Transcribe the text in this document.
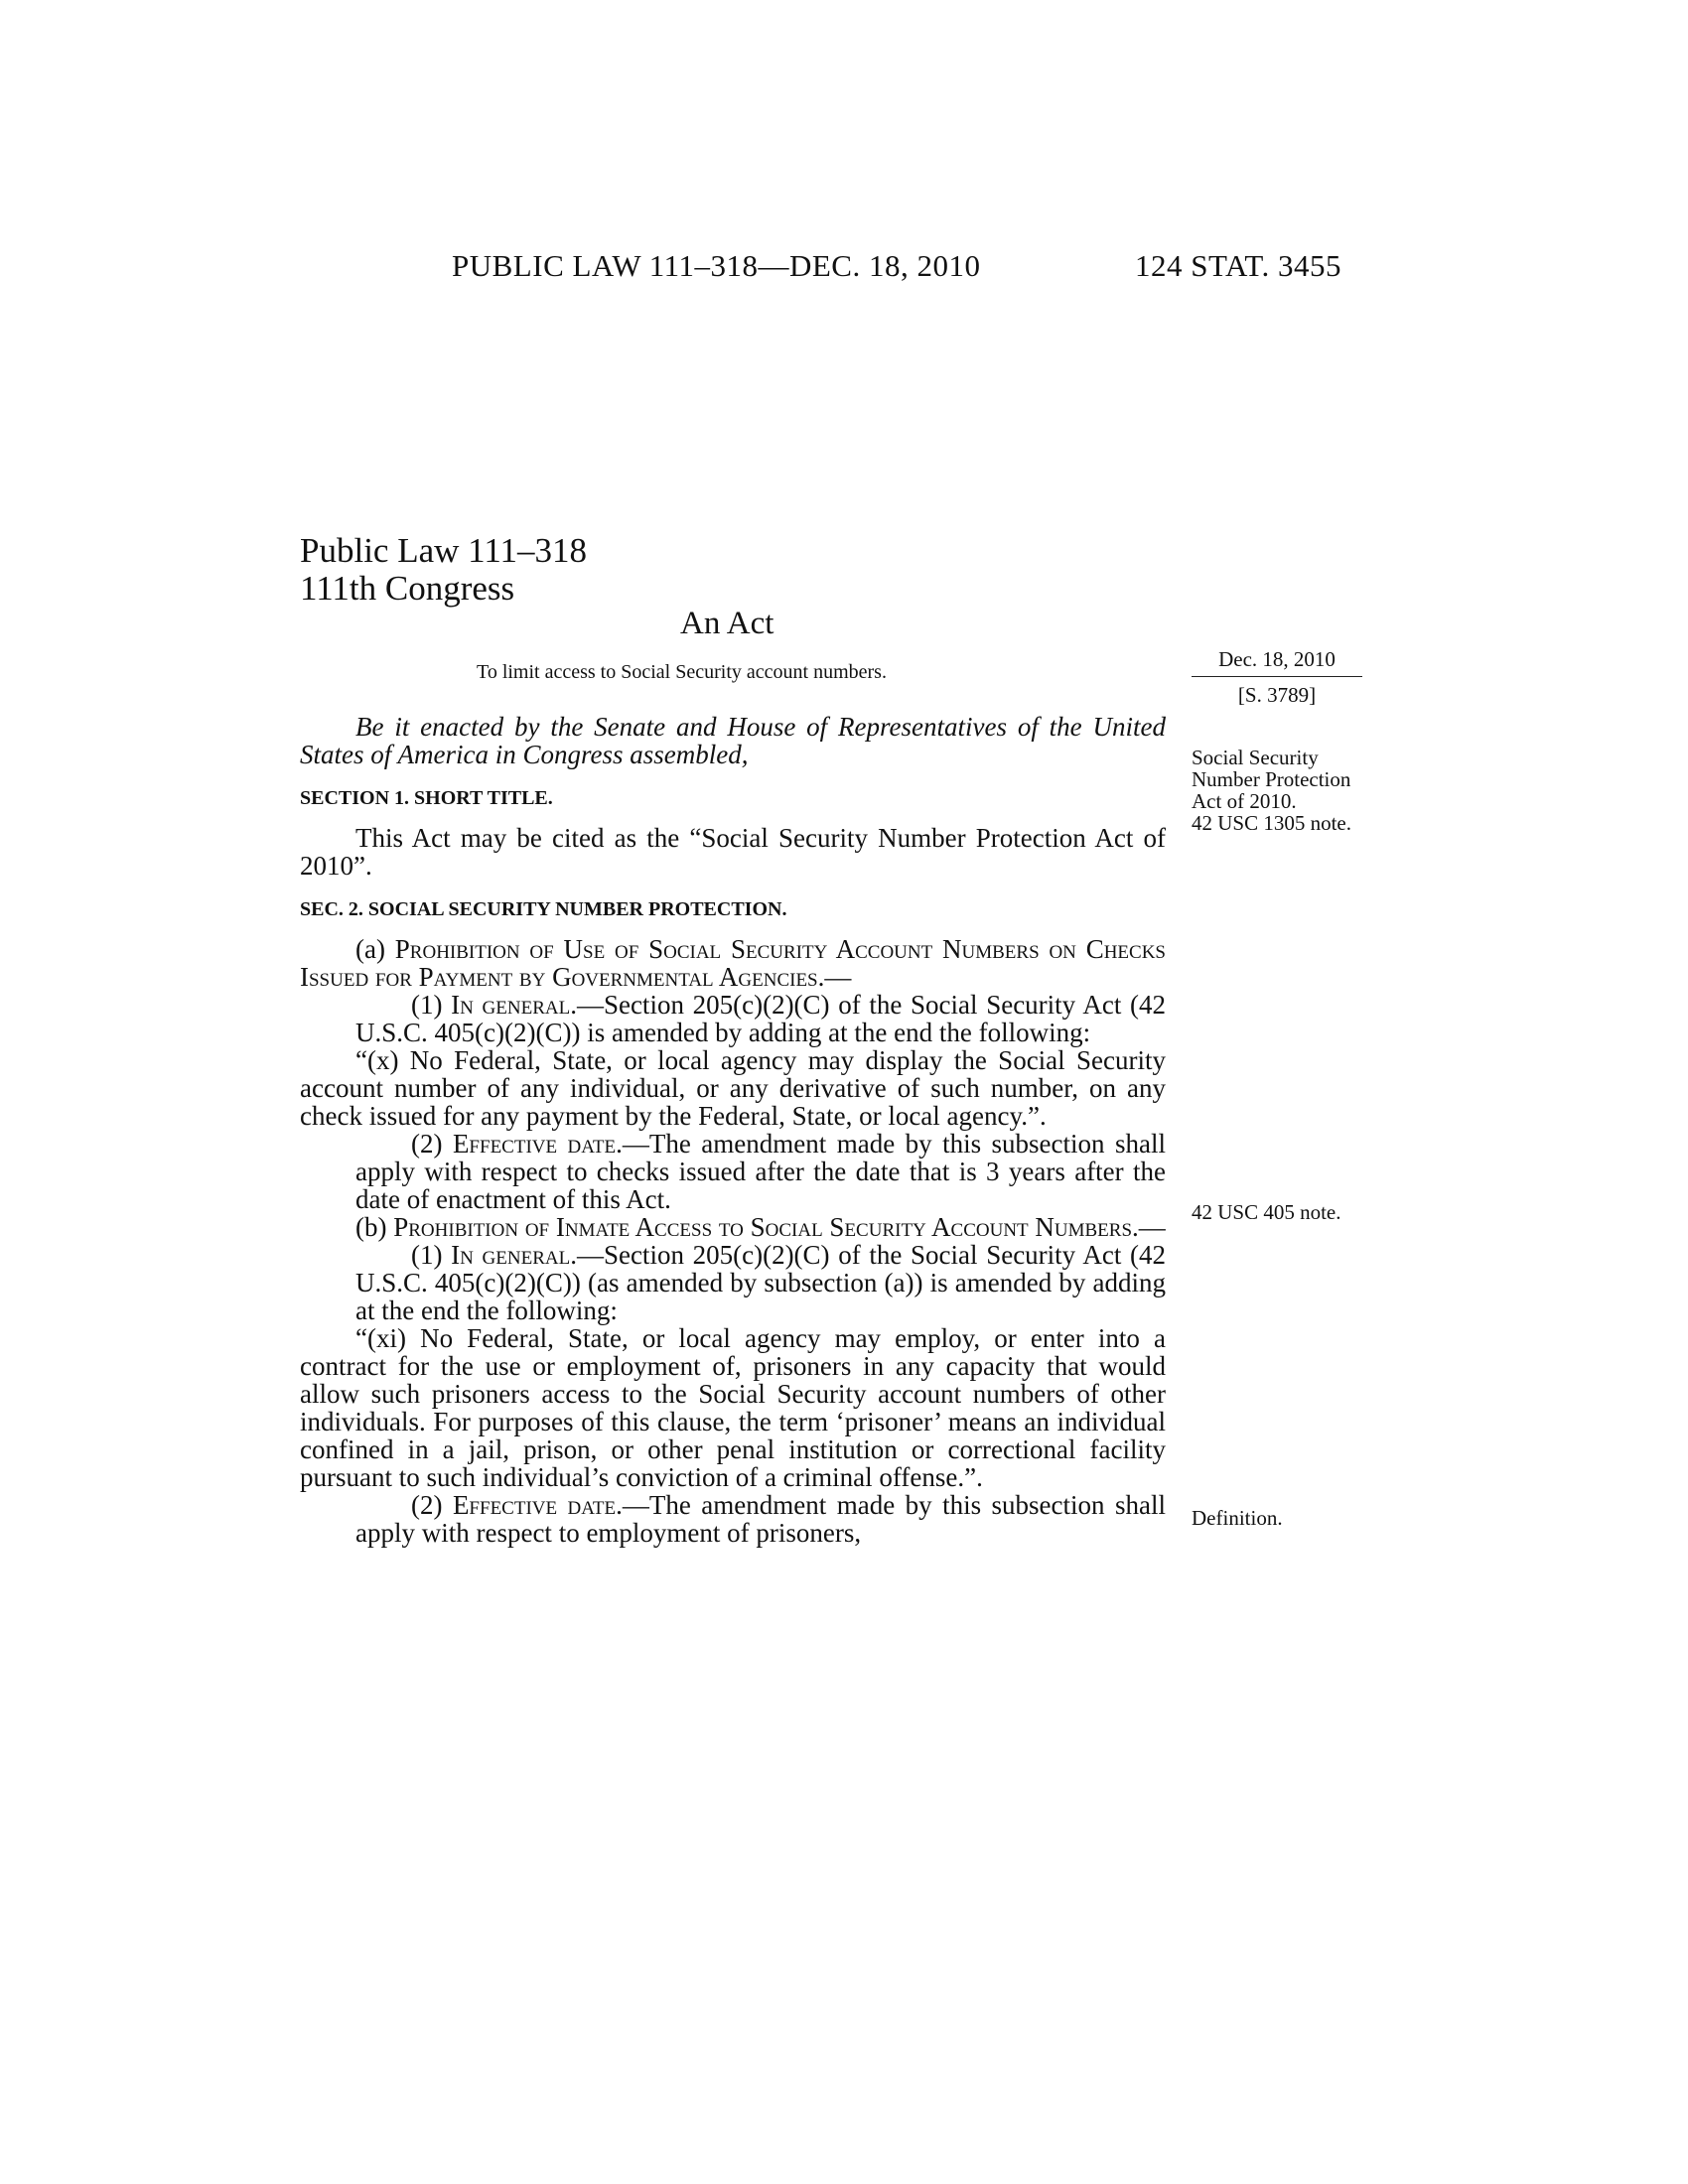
PUBLIC LAW 111–318—DEC. 18, 2010	124 STAT. 3455
Public Law 111–318
111th Congress
An Act
To limit access to Social Security account numbers.
Dec. 18, 2010
[S. 3789]
Social Security Number Protection Act of 2010.
42 USC 1305 note.
42 USC 405 note.
Definition.

Be it enacted by the Senate and House of Representatives of the United States of America in Congress assembled,

SECTION 1. SHORT TITLE.

This Act may be cited as the “Social Security Number Protection Act of 2010”.

SEC. 2. SOCIAL SECURITY NUMBER PROTECTION.

(a) Prohibition of Use of Social Security Account Numbers on Checks Issued for Payment by Governmental Agencies.—

(1) In general.—Section 205(c)(2)(C) of the Social Security Act (42 U.S.C. 405(c)(2)(C)) is amended by adding at the end the following:

“(x) No Federal, State, or local agency may display the Social Security account number of any individual, or any derivative of such number, on any check issued for any payment by the Federal, State, or local agency.”.

(2) Effective date.—The amendment made by this subsection shall apply with respect to checks issued after the date that is 3 years after the date of enactment of this Act.

(b) Prohibition of Inmate Access to Social Security Account Numbers.—

(1) In general.—Section 205(c)(2)(C) of the Social Security Act (42 U.S.C. 405(c)(2)(C)) (as amended by subsection (a)) is amended by adding at the end the following:

“(xi) No Federal, State, or local agency may employ, or enter into a contract for the use or employment of, prisoners in any capacity that would allow such prisoners access to the Social Security account numbers of other individuals. For purposes of this clause, the term ‘prisoner’ means an individual confined in a jail, prison, or other penal institution or correctional facility pursuant to such individual’s conviction of a criminal offense.”.

(2) Effective date.—The amendment made by this subsection shall apply with respect to employment of prisoners,
